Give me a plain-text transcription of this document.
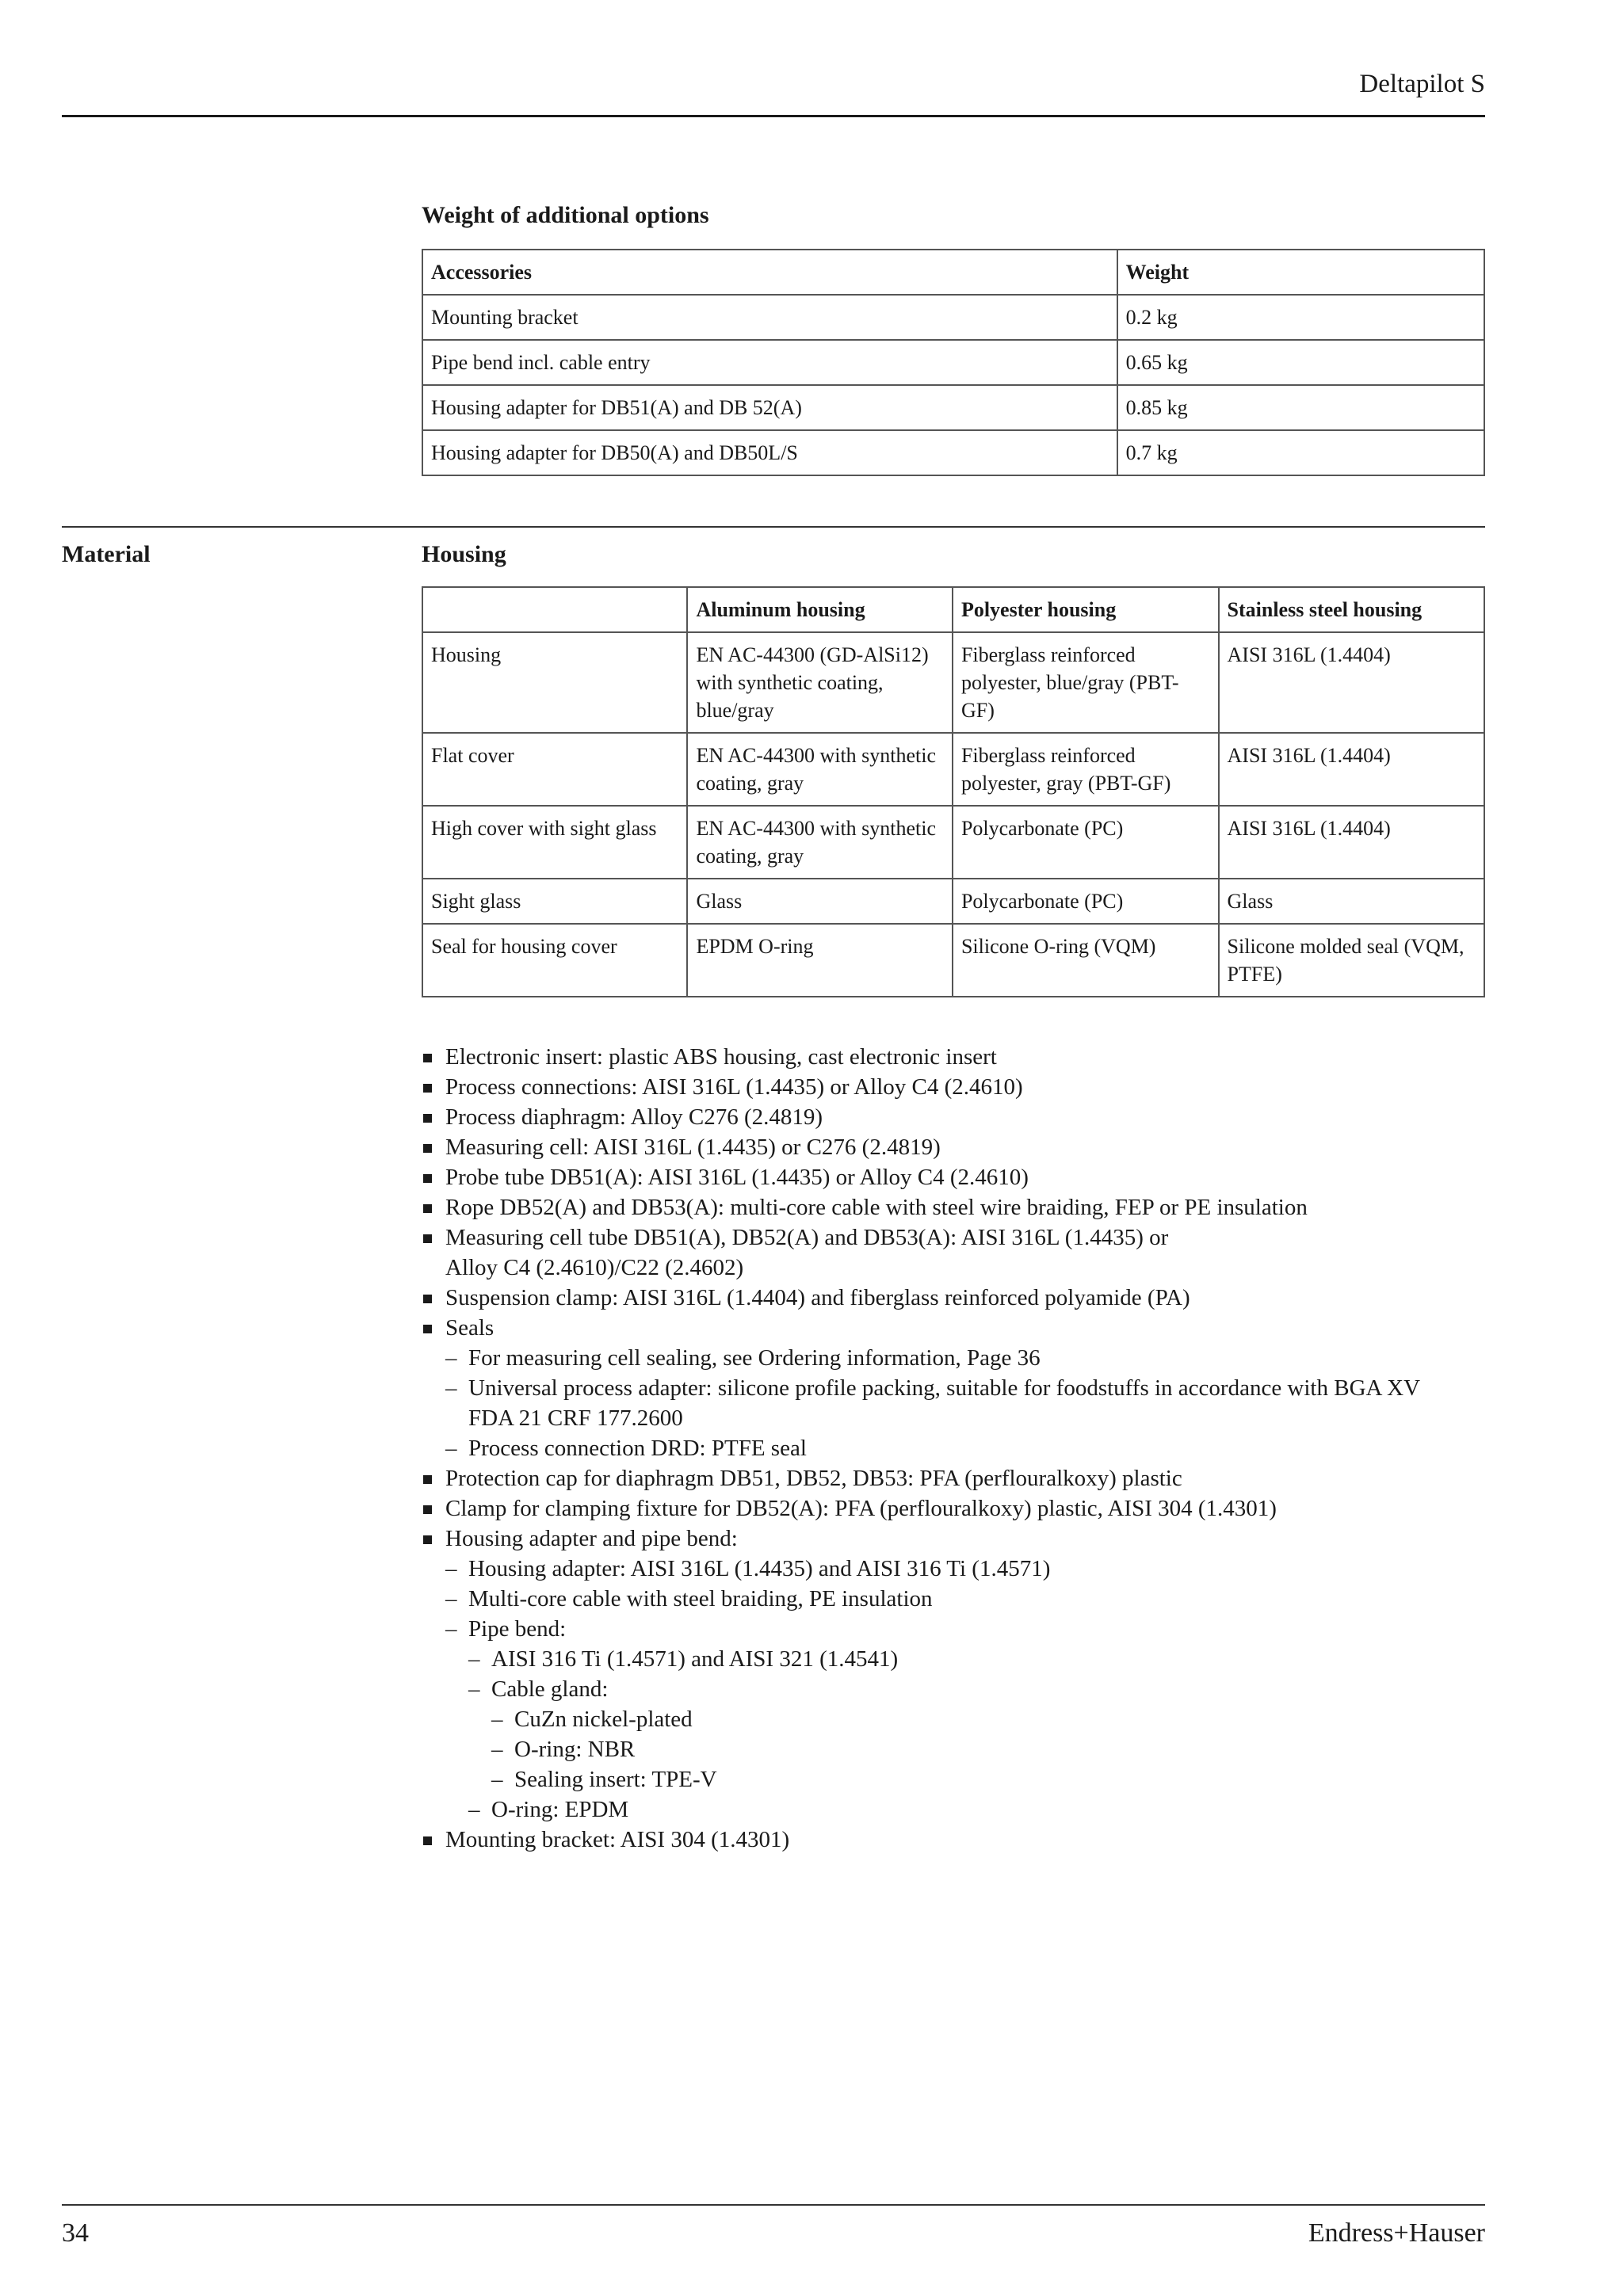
Deltapilot S
Weight of additional options
Accessories	Weight
Mounting bracket	0.2 kg
Pipe bend incl. cable entry	0.65 kg
Housing adapter for DB51(A) and DB 52(A)	0.85 kg
Housing adapter for DB50(A) and DB50L/S	0.7 kg
Material	Housing
	Aluminum housing	Polyester housing	Stainless steel housing
Housing	EN AC-44300 (GD-AlSi12) with synthetic coating, blue/gray	Fiberglass reinforced polyester, blue/gray (PBT-GF)	AISI 316L (1.4404)
Flat cover	EN AC-44300 with synthetic coating, gray	Fiberglass reinforced polyester, gray (PBT-GF)	AISI 316L (1.4404)
High cover with sight glass	EN AC-44300 with synthetic coating, gray	Polycarbonate (PC)	AISI 316L (1.4404)
Sight glass	Glass	Polycarbonate (PC)	Glass
Seal for housing cover	EPDM O-ring	Silicone O-ring (VQM)	Silicone molded seal (VQM, PTFE)
Electronic insert: plastic ABS housing, cast electronic insert
Process connections: AISI 316L (1.4435) or Alloy C4 (2.4610)
Process diaphragm: Alloy C276 (2.4819)
Measuring cell: AISI 316L (1.4435) or C276 (2.4819)
Probe tube DB51(A): AISI 316L (1.4435) or Alloy C4 (2.4610)
Rope DB52(A) and DB53(A): multi-core cable with steel wire braiding, FEP or PE insulation
Measuring cell tube DB51(A), DB52(A) and DB53(A): AISI 316L (1.4435) or
Alloy C4 (2.4610)/C22 (2.4602)
Suspension clamp: AISI 316L (1.4404) and fiberglass reinforced polyamide (PA)
Seals
– For measuring cell sealing, see Ordering information, Page 36
– Universal process adapter: silicone profile packing, suitable for foodstuffs in accordance with BGA XV
FDA 21 CRF 177.2600
– Process connection DRD: PTFE seal
Protection cap for diaphragm DB51, DB52, DB53: PFA (perflouralkoxy) plastic
Clamp for clamping fixture for DB52(A): PFA (perflouralkoxy) plastic, AISI 304 (1.4301)
Housing adapter and pipe bend:
– Housing adapter: AISI 316L (1.4435) and AISI 316 Ti (1.4571)
– Multi-core cable with steel braiding, PE insulation
– Pipe bend:
– AISI 316 Ti (1.4571) and AISI 321 (1.4541)
– Cable gland:
– CuZn nickel-plated
– O-ring: NBR
– Sealing insert: TPE-V
– O-ring: EPDM
Mounting bracket: AISI 304 (1.4301)
34	Endress+Hauser
